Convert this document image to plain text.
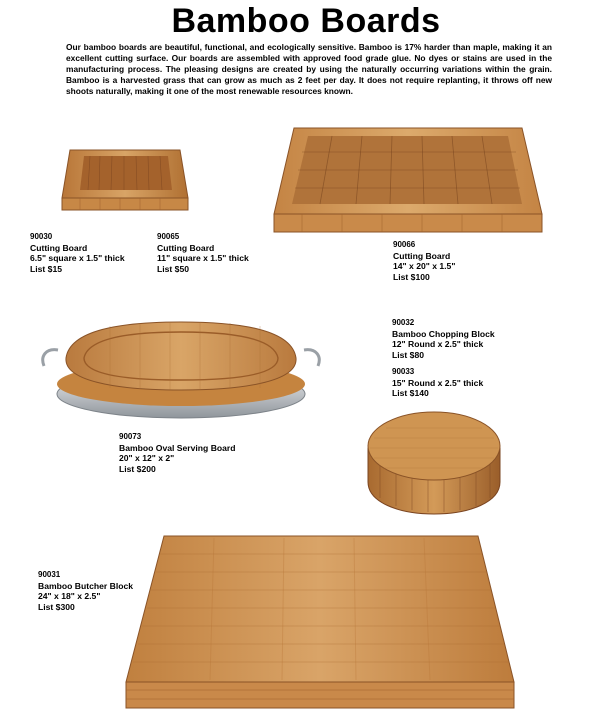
Bamboo Boards
Our bamboo boards are beautiful, functional, and ecologically sensitive. Bamboo is 17% harder than maple, making it an excellent cutting surface. Our boards are assembled with approved food grade glue. No dyes or stains are used in the manufacturing process. The pleasing designs are created by using the naturally occurring variations within the grain. Bamboo is a harvested grass that can grow as much as 2 feet per day. It does not require replanting, it throws off new shoots naturally, making it one of the most renewable resources known.
90030
Cutting Board
6.5" square x 1.5" thick
List $15
90065
Cutting Board
11" square x 1.5" thick
List $50
90066
Cutting Board
14" x 20" x 1.5"
List $100
90032
Bamboo Chopping Block
12" Round x 2.5" thick
List $80
90033
15" Round x 2.5" thick
List $140
90073
Bamboo Oval Serving Board
20" x 12" x 2"
List $200
90031
Bamboo Butcher Block
24" x 18" x 2.5"
List $300
